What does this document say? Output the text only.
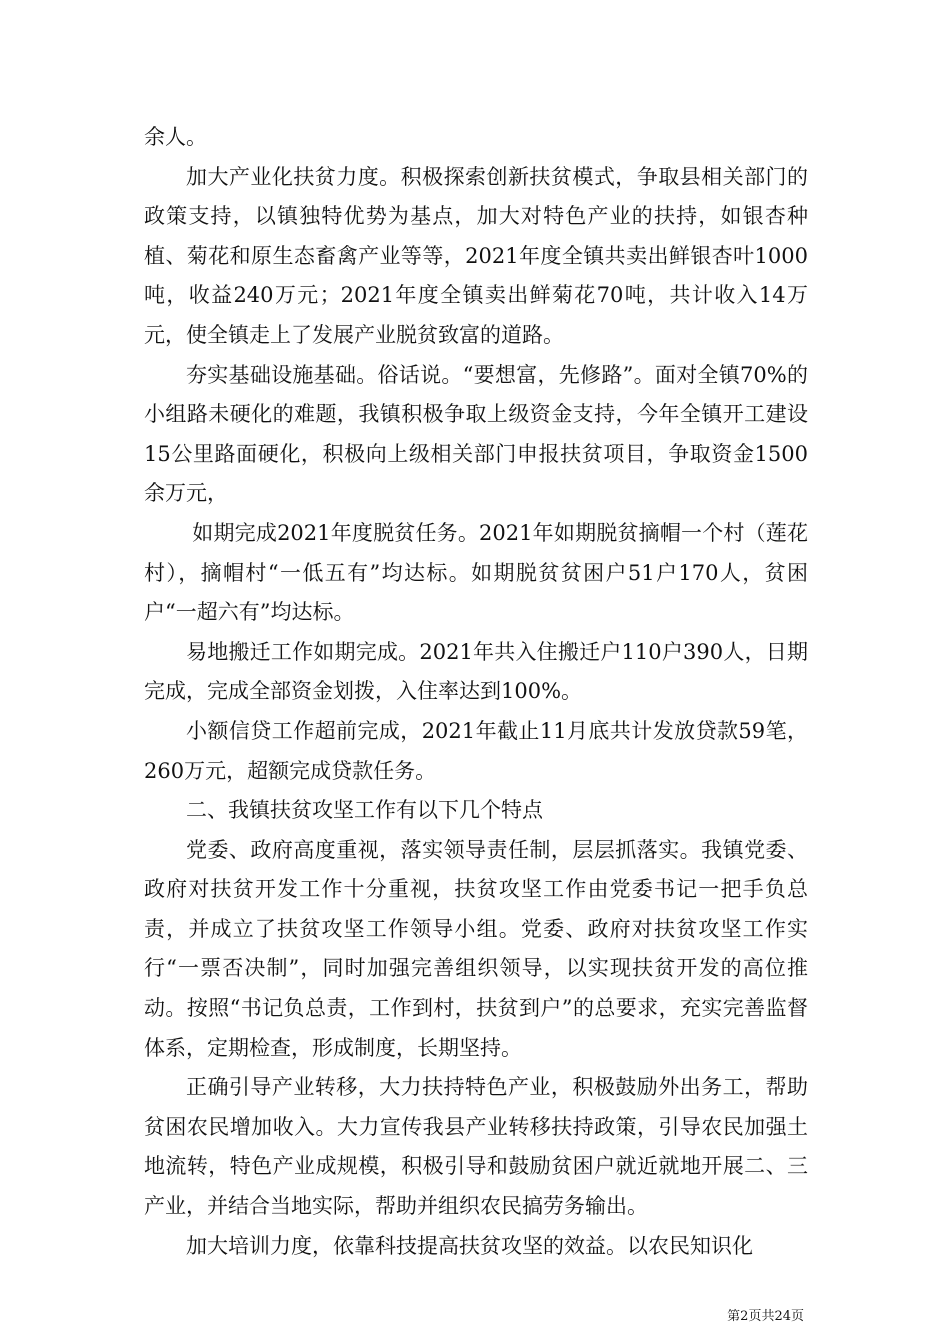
余人。

加大产业化扶贫力度。积极探索创新扶贫模式，争取县相关部门的政策支持，以镇独特优势为基点，加大对特色产业的扶持，如银杏种植、菊花和原生态畜禽产业等等，2021年度全镇共卖出鲜银杏叶1000吨，收益240万元；2021年度全镇卖出鲜菊花70吨，共计收入14万元，使全镇走上了发展产业脱贫致富的道路。

夯实基础设施基础。俗话说。“要想富，先修路”。面对全镇70%的小组路未硬化的难题，我镇积极争取上级资金支持，今年全镇开工建设15公里路面硬化，积极向上级相关部门申报扶贫项目，争取资金1500余万元，

如期完成2021年度脱贫任务。2021年如期脱贫摘帽一个村（莲花村），摘帽村“一低五有”均达标。如期脱贫贫困户51户170人，贫困户“一超六有”均达标。

易地搬迁工作如期完成。2021年共入住搬迁户110户390人，日期完成，完成全部资金划拨，入住率达到100%。

小额信贷工作超前完成，2021年截止11月底共计发放贷款59笔，260万元，超额完成贷款任务。

二、我镇扶贫攻坚工作有以下几个特点

党委、政府高度重视，落实领导责任制，层层抓落实。我镇党委、政府对扶贫开发工作十分重视，扶贫攻坚工作由党委书记一把手负总责，并成立了扶贫攻坚工作领导小组。党委、政府对扶贫攻坚工作实行“一票否决制”，同时加强完善组织领导，以实现扶贫开发的高位推动。按照“书记负总责，工作到村，扶贫到户”的总要求，充实完善监督体系，定期检查，形成制度，长期坚持。

正确引导产业转移，大力扶持特色产业，积极鼓励外出务工，帮助贫困农民增加收入。大力宣传我县产业转移扶持政策，引导农民加强土地流转，特色产业成规模，积极引导和鼓励贫困户就近就地开展二、三产业，并结合当地实际，帮助并组织农民搞劳务输出。

加大培训力度，依靠科技提高扶贫攻坚的效益。以农民知识化

第2页共24页
